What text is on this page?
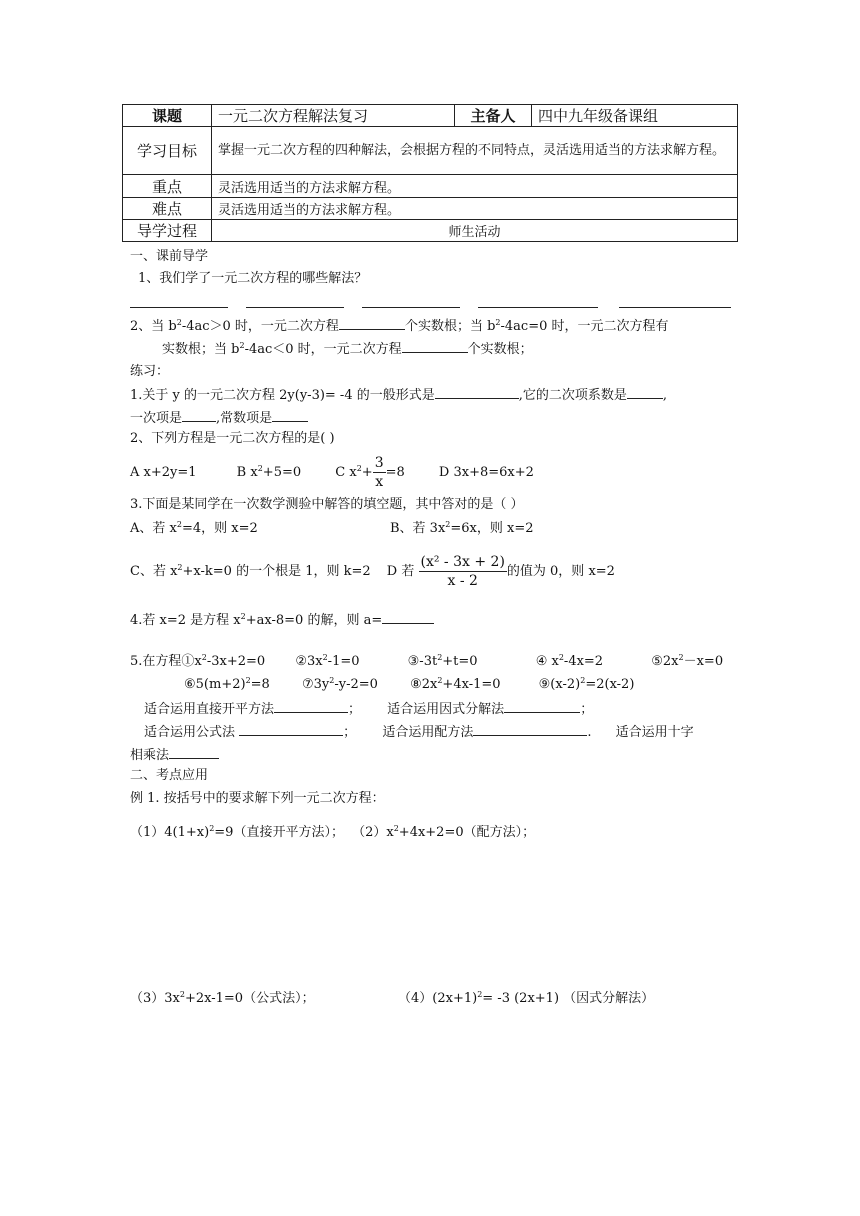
课题	一元二次方程解法复习	主备人	四中九年级备课组
学习目标	掌握一元二次方程的四种解法，会根据方程的不同特点，灵活选用适当的方法求解方程。		
重点	灵活选用适当的方法求解方程。		
难点	灵活选用适当的方法求解方程。		
导学过程	师生活动		
一、课前导学
1、我们学了一元二次方程的哪些解法？

2、当 $b^2-4ac>0$ 时，一元二次方程	个实数根；当 $b^2-4ac=0$ 时，一元二次方程有
实数根；当 $b^2-4ac<0$ 时，一元二次方程	个实数根；
练习：
1.关于 y 的一元二次方程 2y(y-3)= -4 的一般形式是	,它的二次项系数是	,
一次项是	,常数项是
2、下列方程是一元二次方程的是( )
A x+2y=1	B $x^2+5=0$	C $x^2+ \frac{3}{x} =8$	D 3x+8=6x+2
3.下面是某同学在一次数学测验中解答的填空题，其中答对的是（ ）
A、若 $x^2=4$，则 x=2	B、若 $3x^2=6x$，则 x=2
C、若 $x^2+x-k=0$ 的一个根是 1，则 k=2 D 若 $\frac{\text{(x² - 3x + 2)}}{x - 2}$ 的值为 0，则 x=2
4.若 x=2 是方程 $x^2+ax-8=0$ 的解，则 a=
5.在方程$①x^2-3x+2=0$ $②3x^2-1=0$	$③-3t^2+t=0$	④ $x^2-4x=2$	$⑤2x^2-x=0$
$⑥5(m+2)^2=8$ $⑦3y^2-y-2=0$ $⑧2x^2+4x-1=0$	$⑨(x-2)^2=2(x-2)$
适合运用直接开平方法	； 适合运用因式分解法	；
适合运用公式法	； 适合运用配方法	. 适合运用十字
相乘法
二、考点应用
例 1. 按括号中的要求解下列一元二次方程：
$(1)4(1+x)^2=9$（直接开平方法）； $(2)x^2+4x+2=0$（配方法）；
$(3)3x^2+2x-1=0$（公式法）；	$(4)(2x+1)^2= -3$ (2x+1) （因式分解法）
